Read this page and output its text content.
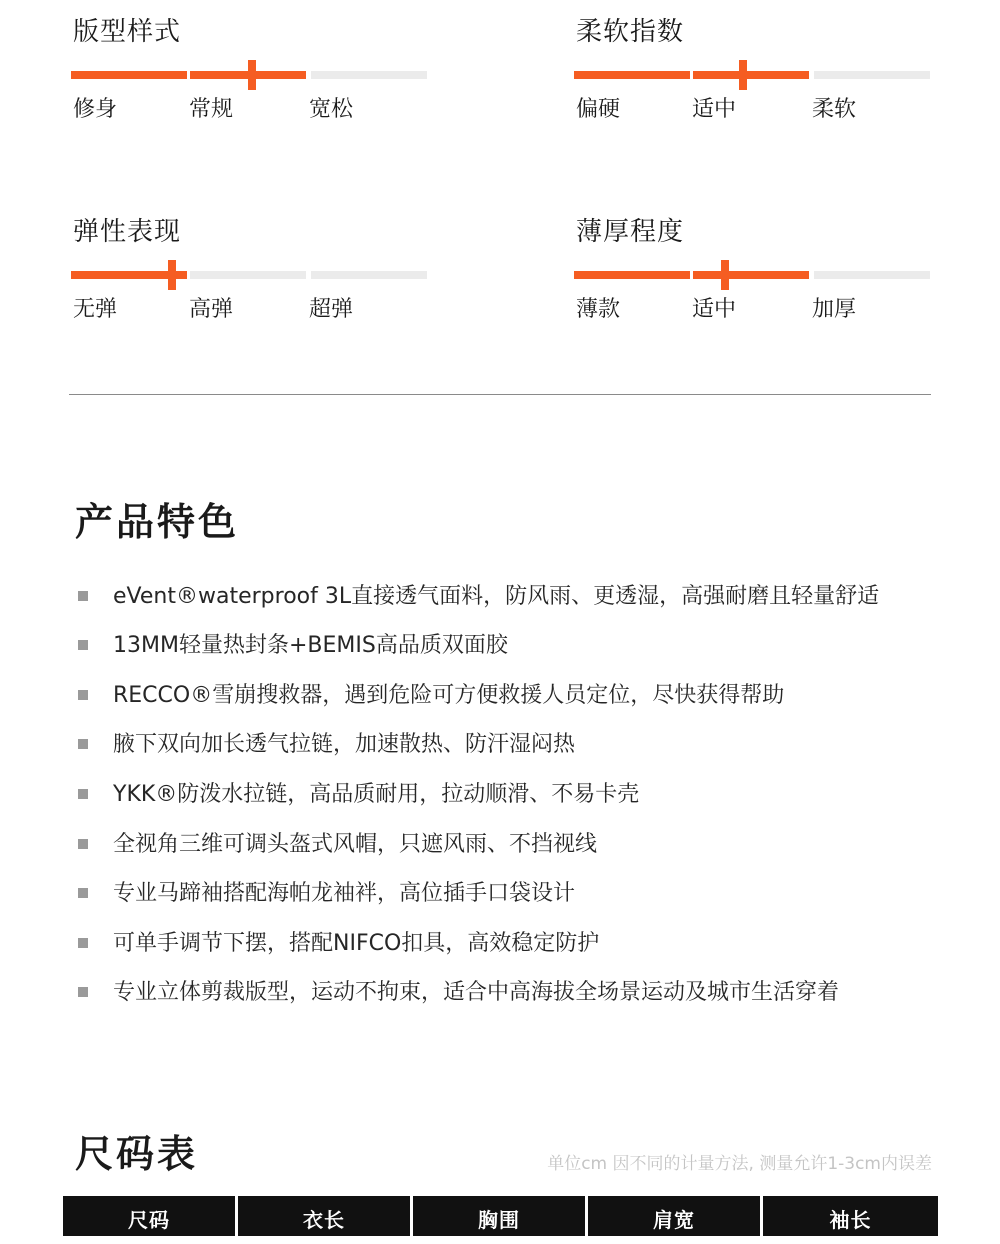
版型样式
修身	常规	宽松
柔软指数
偏硬	适中	柔软
弹性表现
无弹	高弹	超弹
薄厚程度
薄款	适中	加厚
产品特色
eVent®waterproof 3L直接透气面料，防风雨、更透湿，高强耐磨且轻量舒适
13MM轻量热封条+BEMIS高品质双面胶
RECCO®雪崩搜救器，遇到危险可方便救援人员定位，尽快获得帮助
腋下双向加长透气拉链，加速散热、防汗湿闷热
YKK®防泼水拉链，高品质耐用，拉动顺滑、不易卡壳
全视角三维可调头盔式风帽，只遮风雨、不挡视线
专业马蹄袖搭配海帕龙袖袢，高位插手口袋设计
可单手调节下摆，搭配NIFCO扣具，高效稳定防护
专业立体剪裁版型，运动不拘束，适合中高海拔全场景运动及城市生活穿着
尺码表	单位cm 因不同的计量方法, 测量允许1-3cm内误差
尺码	衣长	胸围	肩宽	袖长
